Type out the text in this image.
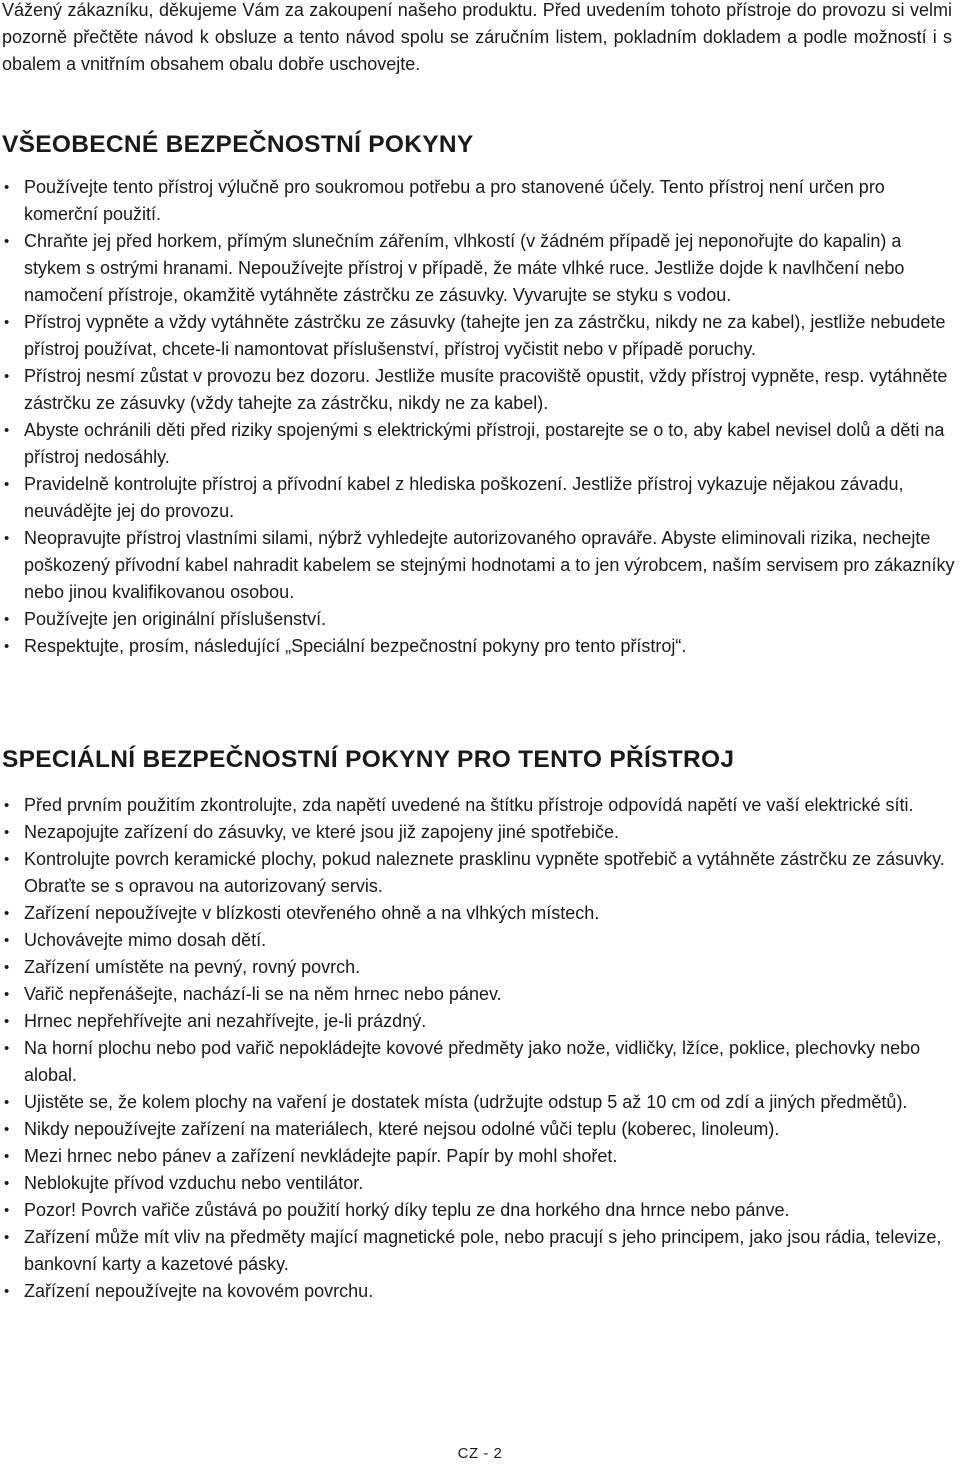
Vážený zákazníku, děkujeme Vám za zakoupení našeho produktu. Před uvedením tohoto přístroje do provozu si velmi pozorně přečtěte návod k obsluze a tento návod spolu se záručním listem, pokladním dokladem a podle možností i s obalem a vnitřním obsahem obalu dobře uschovejte.

VŠEOBECNÉ BEZPEČNOSTNÍ POKYNY
• Používejte tento přístroj výlučně pro soukromou potřebu a pro stanovené účely. Tento přístroj není určen pro komerční použití.
• Chraňte jej před horkem, přímým slunečním zářením, vlhkostí (v žádném případě jej neponořujte do kapalin) a stykem s ostrými hranami. Nepoužívejte přístroj v případě, že máte vlhké ruce. Jestliže dojde k navlhčení nebo namočení přístroje, okamžitě vytáhněte zástrčku ze zásuvky. Vyvarujte se styku s vodou.
• Přístroj vypněte a vždy vytáhněte zástrčku ze zásuvky (tahejte jen za zástrčku, nikdy ne za kabel), jestliže nebudete přístroj používat, chcete-li namontovat příslušenství, přístroj vyčistit nebo v případě poruchy.
• Přístroj nesmí zůstat v provozu bez dozoru. Jestliže musíte pracoviště opustit, vždy přístroj vypněte, resp. vytáhněte zástrčku ze zásuvky (vždy tahejte za zástrčku, nikdy ne za kabel).
• Abyste ochránili děti před riziky spojenými s elektrickými přístroji, postarejte se o to, aby kabel nevisel dolů a děti na přístroj nedosáhly.
• Pravidelně kontrolujte přístroj a přívodní kabel z hlediska poškození. Jestliže přístroj vykazuje nějakou závadu, neuvádějte jej do provozu.
• Neopravujte přístroj vlastními silami, nýbrž vyhledejte autorizovaného opraváře. Abyste eliminovali rizika, nechejte poškozený přívodní kabel nahradit kabelem se stejnými hodnotami a to jen výrobcem, naším servisem pro zákazníky nebo jinou kvalifikovanou osobou.
• Používejte jen originální příslušenství.
• Respektujte, prosím, následující „Speciální bezpečnostní pokyny pro tento přístroj“.
SPECIÁLNÍ BEZPEČNOSTNÍ POKYNY PRO TENTO PŘÍSTROJ
• Před prvním použitím zkontrolujte, zda napětí uvedené na štítku přístroje odpovídá napětí ve vaší elektrické síti.
• Nezapojujte zařízení do zásuvky, ve které jsou již zapojeny jiné spotřebiče.
• Kontrolujte povrch keramické plochy, pokud naleznete prasklinu vypněte spotřebič a vytáhněte zástrčku ze zásuvky. Obraťte se s opravou na autorizovaný servis.
• Zařízení nepoužívejte v blízkosti otevřeného ohně a na vlhkých místech.
• Uchovávejte mimo dosah dětí.
• Zařízení umístěte na pevný, rovný povrch.
• Vařič nepřenášejte, nachází-li se na něm hrnec nebo pánev.
• Hrnec nepřehřívejte ani nezahřívejte, je-li prázdný.
• Na horní plochu nebo pod vařič nepokládejte kovové předměty jako nože, vidličky, lžíce, poklice, plechovky nebo alobal.
• Ujistěte se, že kolem plochy na vaření je dostatek místa (udržujte odstup 5 až 10 cm od zdí a jiných předmětů).
• Nikdy nepoužívejte zařízení na materiálech, které nejsou odolné vůči teplu (koberec, linoleum).
• Mezi hrnec nebo pánev a zařízení nevkládejte papír. Papír by mohl shořet.
• Neblokujte přívod vzduchu nebo ventilátor.
• Pozor! Povrch vařiče zůstává po použití horký díky teplu ze dna horkého dna hrnce nebo pánve.
• Zařízení může mít vliv na předměty mající magnetické pole, nebo pracují s jeho principem, jako jsou rádia, televize, bankovní karty a kazetové pásky.
• Zařízení nepoužívejte na kovovém povrchu.
CZ - 2
